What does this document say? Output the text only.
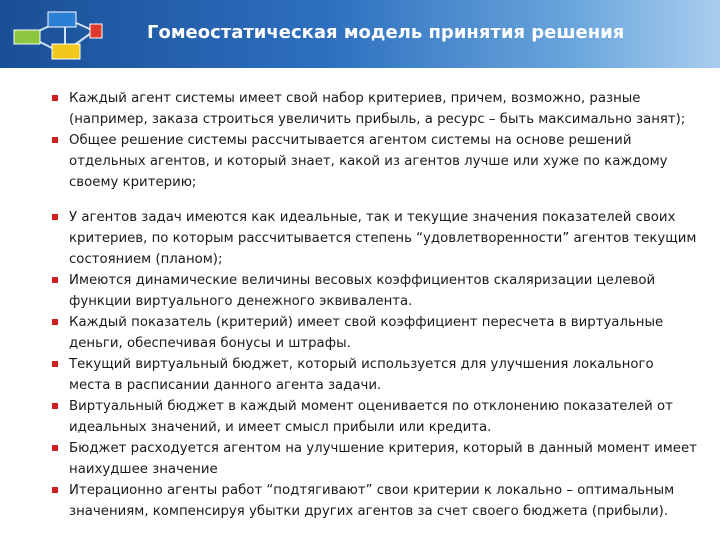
Гомеостатическая модель принятия решения
Каждый агент системы имеет свой набор критериев, причем, возможно, разные (например, заказа строиться увеличить прибыль, а ресурс – быть максимально занят);
Общее решение системы рассчитывается агентом системы на основе решений отдельных агентов, и который знает, какой из агентов лучше или хуже по каждому своему критерию;
У агентов задач имеются как идеальные, так и текущие значения показателей своих критериев, по которым рассчитывается степень “удовлетворенности” агентов текущим состоянием (планом);
Имеются динамические величины весовых коэффициентов скаляризации целевой функции виртуального денежного эквивалента.
Каждый показатель (критерий) имеет свой коэффициент пересчета в виртуальные деньги, обеспечивая бонусы и штрафы.
Текущий виртуальный бюджет, который используется для улучшения локального места в расписании данного агента задачи.
Виртуальный бюджет в каждый момент оценивается по отклонению показателей от идеальных значений, и имеет смысл прибыли или кредита.
Бюджет расходуется агентом на улучшение критерия, который в данный момент имеет наихудшее значение
Итерационно агенты работ “подтягивают” свои критерии к локально – оптимальным значениям, компенсируя убытки других агентов за счет своего бюджета (прибыли).
